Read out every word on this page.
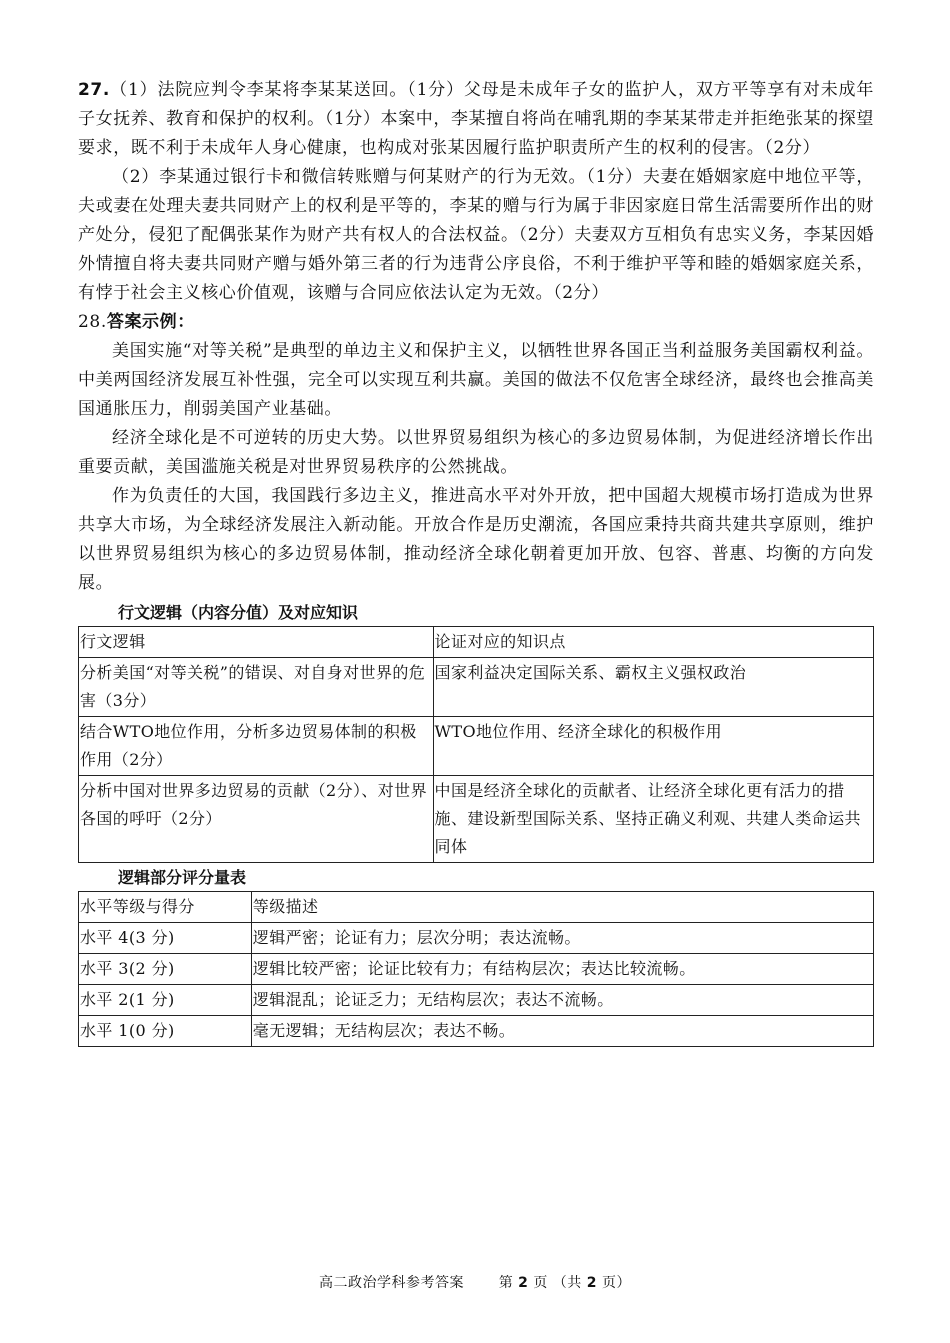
27.（1）法院应判令李某将李某某送回。（1分）父母是未成年子女的监护人，双方平等享有对未成年子女抚养、教育和保护的权利。（1分）本案中，李某擅自将尚在哺乳期的李某某带走并拒绝张某的探望要求，既不利于未成年人身心健康，也构成对张某因履行监护职责所产生的权利的侵害。（2分）

（2）李某通过银行卡和微信转账赠与何某财产的行为无效。（1分）夫妻在婚姻家庭中地位平等，夫或妻在处理夫妻共同财产上的权利是平等的，李某的赠与行为属于非因家庭日常生活需要所作出的财产处分，侵犯了配偶张某作为财产共有权人的合法权益。（2分）夫妻双方互相负有忠实义务，李某因婚外情擅自将夫妻共同财产赠与婚外第三者的行为违背公序良俗，不利于维护平等和睦的婚姻家庭关系，有悖于社会主义核心价值观，该赠与合同应依法认定为无效。（2分）

28.答案示例：

美国实施“对等关税”是典型的单边主义和保护主义，以牺牲世界各国正当利益服务美国霸权利益。中美两国经济发展互补性强，完全可以实现互利共赢。美国的做法不仅危害全球经济，最终也会推高美国通胀压力，削弱美国产业基础。

经济全球化是不可逆转的历史大势。以世界贸易组织为核心的多边贸易体制，为促进经济增长作出重要贡献，美国滥施关税是对世界贸易秩序的公然挑战。

作为负责任的大国，我国践行多边主义，推进高水平对外开放，把中国超大规模市场打造成为世界共享大市场，为全球经济发展注入新动能。开放合作是历史潮流，各国应秉持共商共建共享原则，维护以世界贸易组织为核心的多边贸易体制，推动经济全球化朝着更加开放、包容、普惠、均衡的方向发展。

行文逻辑（内容分值）及对应知识
行文逻辑	论证对应的知识点
分析美国“对等关税”的错误、对自身对世界的危害（3分）	国家利益决定国际关系、霸权主义强权政治
结合WTO地位作用，分析多边贸易体制的积极作用（2分）	WTO地位作用、经济全球化的积极作用
分析中国对世界多边贸易的贡献（2分）、对世界各国的呼吁（2分）	中国是经济全球化的贡献者、让经济全球化更有活力的措施、建设新型国际关系、坚持正确义利观、共建人类命运共同体
逻辑部分评分量表
水平等级与得分	等级描述
水平 4(3 分)	逻辑严密；论证有力；层次分明；表达流畅。
水平 3(2 分)	逻辑比较严密；论证比较有力；有结构层次；表达比较流畅。
水平 2(1 分)	逻辑混乱；论证乏力；无结构层次；表达不流畅。
水平 1(0 分)	毫无逻辑；无结构层次；表达不畅。
高二政治学科参考答案 第 2 页 （共 2 页）
